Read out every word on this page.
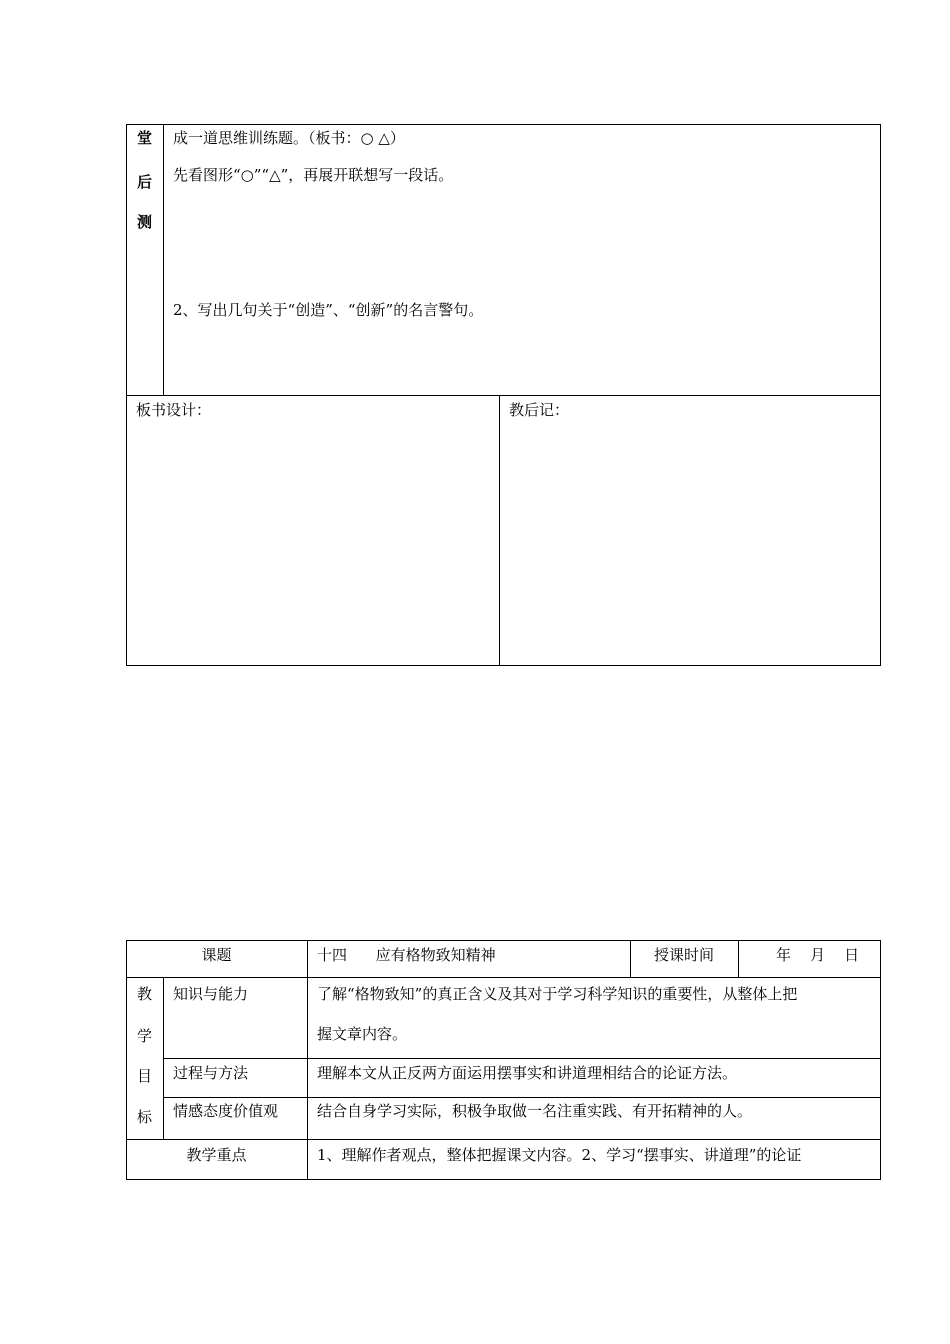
堂
后
测
成一道思维训练题。（板书：○ △）
先看图形“○”“△”，再展开联想写一段话。
2、写出几句关于“创造”、“创新”的名言警句。
板书设计：	教后记：
课题	十四      应有格物致知精神	授课时间	年    月    日
教
学
目
标
知识与能力	了解“格物致知”的真正含义及其对于学习科学知识的重要性，从整体上把
握文章内容。
过程与方法	理解本文从正反两方面运用摆事实和讲道理相结合的论证方法。
情感态度价值观	结合自身学习实际，积极争取做一名注重实践、有开拓精神的人。
教学重点	1、理解作者观点，整体把握课文内容。2、学习“摆事实、讲道理”的论证
